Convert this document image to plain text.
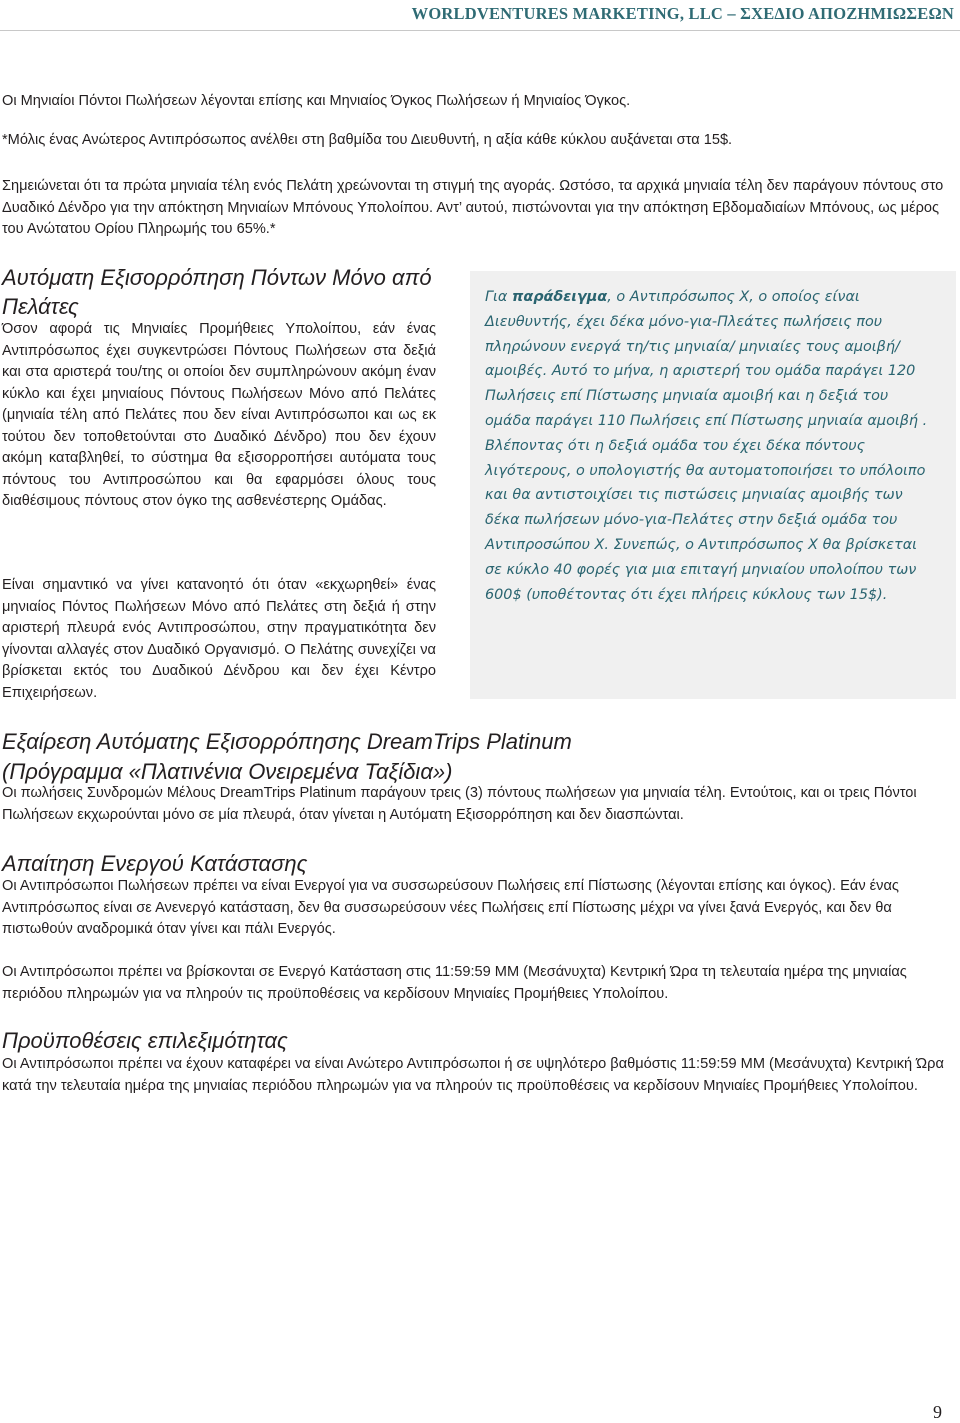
WORLDVENTURES MARKETING, LLC – ΣΧΕΔΙΟ ΑΠΟΖΗΜΙΩΣΕΩΝ

Οι Μηνιαίοι Πόντοι Πωλήσεων λέγονται επίσης και Μηνιαίος Όγκος Πωλήσεων ή Μηνιαίος Όγκος.

*Μόλις ένας Ανώτερος Αντιπρόσωπος ανέλθει στη βαθμίδα του Διευθυντή, η αξία κάθε κύκλου αυξάνεται στα 15$.

Σημειώνεται ότι τα πρώτα μηνιαία τέλη ενός Πελάτη χρεώνονται τη στιγμή της αγοράς. Ωστόσο, τα αρχικά μηνιαία τέλη δεν παράγουν πόντους στο Δυαδικό Δένδρο για την απόκτηση Μηνιαίων Μπόνους Υπολοίπου. Αντ’ αυτού, πιστώνονται για την απόκτηση Εβδομαδιαίων Μπόνους, ως μέρος του Ανώτατου Ορίου Πληρωμής του 65%.*

Αυτόματη Εξισορρόπηση Πόντων Μόνο από Πελάτες

Όσον αφορά τις Μηνιαίες Προμήθειες Υπολοίπου, εάν ένας Αντιπρόσωπος έχει συγκεντρώσει Πόντους Πωλήσεων στα δεξιά και στα αριστερά του/της οι οποίοι δεν συμπληρώνουν ακόμη έναν κύκλο και έχει μηνιαίους Πόντους Πωλήσεων Μόνο από Πελάτες (μηνιαία τέλη από Πελάτες που δεν είναι Αντιπρόσωποι και ως εκ τούτου δεν τοποθετούνται στο Δυαδικό Δένδρο) που δεν έχουν ακόμη καταβληθεί, το σύστημα θα εξισορροπήσει αυτόματα τους πόντους του Αντιπροσώπου και θα εφαρμόσει όλους τους διαθέσιμους πόντους στον όγκο της ασθενέστερης Ομάδας.

Είναι σημαντικό να γίνει κατανοητό ότι όταν «εκχωρηθεί» ένας μηνιαίος Πόντος Πωλήσεων Μόνο από Πελάτες στη δεξιά ή στην αριστερή πλευρά ενός Αντιπροσώπου, στην πραγματικότητα δεν γίνονται αλλαγές στον Δυαδικό Οργανισμό. Ο Πελάτης συνεχίζει να βρίσκεται εκτός του Δυαδικού Δένδρου και δεν έχει Κέντρο Επιχειρήσεων.

Για παράδειγμα, ο Αντιπρόσωπος Χ, ο οποίος είναι Διευθυντής, έχει δέκα μόνο-για-Πλεάτες πωλήσεις που πληρώνουν ενεργά τη/τις μηνιαία/ μηνιαίες τους αμοιβή/ αμοιβές. Αυτό το μήνα, η αριστερή του ομάδα παράγει 120 Πωλήσεις επί Πίστωσης μηνιαία αμοιβή και η δεξιά του ομάδα παράγει 110 Πωλήσεις επί Πίστωσης μηνιαία αμοιβή . Βλέποντας ότι η δεξιά ομάδα του έχει δέκα πόντους λιγότερους, ο υπολογιστής θα αυτοματοποιήσει το υπόλοιπο και θα αντιστοιχίσει τις πιστώσεις μηνιαίας αμοιβής των δέκα πωλήσεων μόνο-για-Πελάτες στην δεξιά ομάδα του Αντιπροσώπου Χ. Συνεπώς, ο Αντιπρόσωπος Χ θα βρίσκεται σε κύκλο 40 φορές για μια επιταγή μηνιαίου υπολοίπου των 600$ (υποθέτοντας ότι έχει πλήρεις κύκλους των 15$).

Εξαίρεση Αυτόματης Εξισορρόπησης DreamTrips Platinum
(Πρόγραμμα «Πλατινένια Ονειρεμένα Ταξίδια»)

Οι πωλήσεις Συνδρομών Μέλους DreamTrips Platinum παράγουν τρεις (3) πόντους πωλήσεων για μηνιαία τέλη. Εντούτοις, και οι τρεις Πόντοι Πωλήσεων εκχωρούνται μόνο σε μία πλευρά, όταν γίνεται η Αυτόματη Εξισορρόπηση και δεν διασπώνται.

Απαίτηση Ενεργού Κατάστασης

Οι Αντιπρόσωποι Πωλήσεων πρέπει να είναι Ενεργοί για να συσσωρεύσουν Πωλήσεις επί Πίστωσης (λέγονται επίσης και όγκος). Εάν ένας Αντιπρόσωπος είναι σε Ανενεργό κατάσταση, δεν θα συσσωρεύσουν νέες Πωλήσεις επί Πίστωσης μέχρι να γίνει ξανά Ενεργός, και δεν θα πιστωθούν αναδρομικά όταν γίνει και πάλι Ενεργός.

Οι Αντιπρόσωποι πρέπει να βρίσκονται σε Ενεργό Κατάσταση στις 11:59:59 ΜΜ (Μεσάνυχτα) Κεντρική Ώρα τη τελευταία ημέρα της μηνιαίας περιόδου πληρωμών για να πληρούν τις προϋποθέσεις να κερδίσουν Μηνιαίες Προμήθειες Υπολοίπου.

Προϋποθέσεις επιλεξιμότητας

Οι Αντιπρόσωποι πρέπει να έχουν καταφέρει να είναι Ανώτερο Αντιπρόσωποι ή σε υψηλότερο βαθμόστις 11:59:59 ΜΜ (Μεσάνυχτα) Κεντρική Ώρα κατά την τελευταία ημέρα της μηνιαίας περιόδου πληρωμών για να πληρούν τις προϋποθέσεις να κερδίσουν Μηνιαίες Προμήθειες Υπολοίπου.

9
